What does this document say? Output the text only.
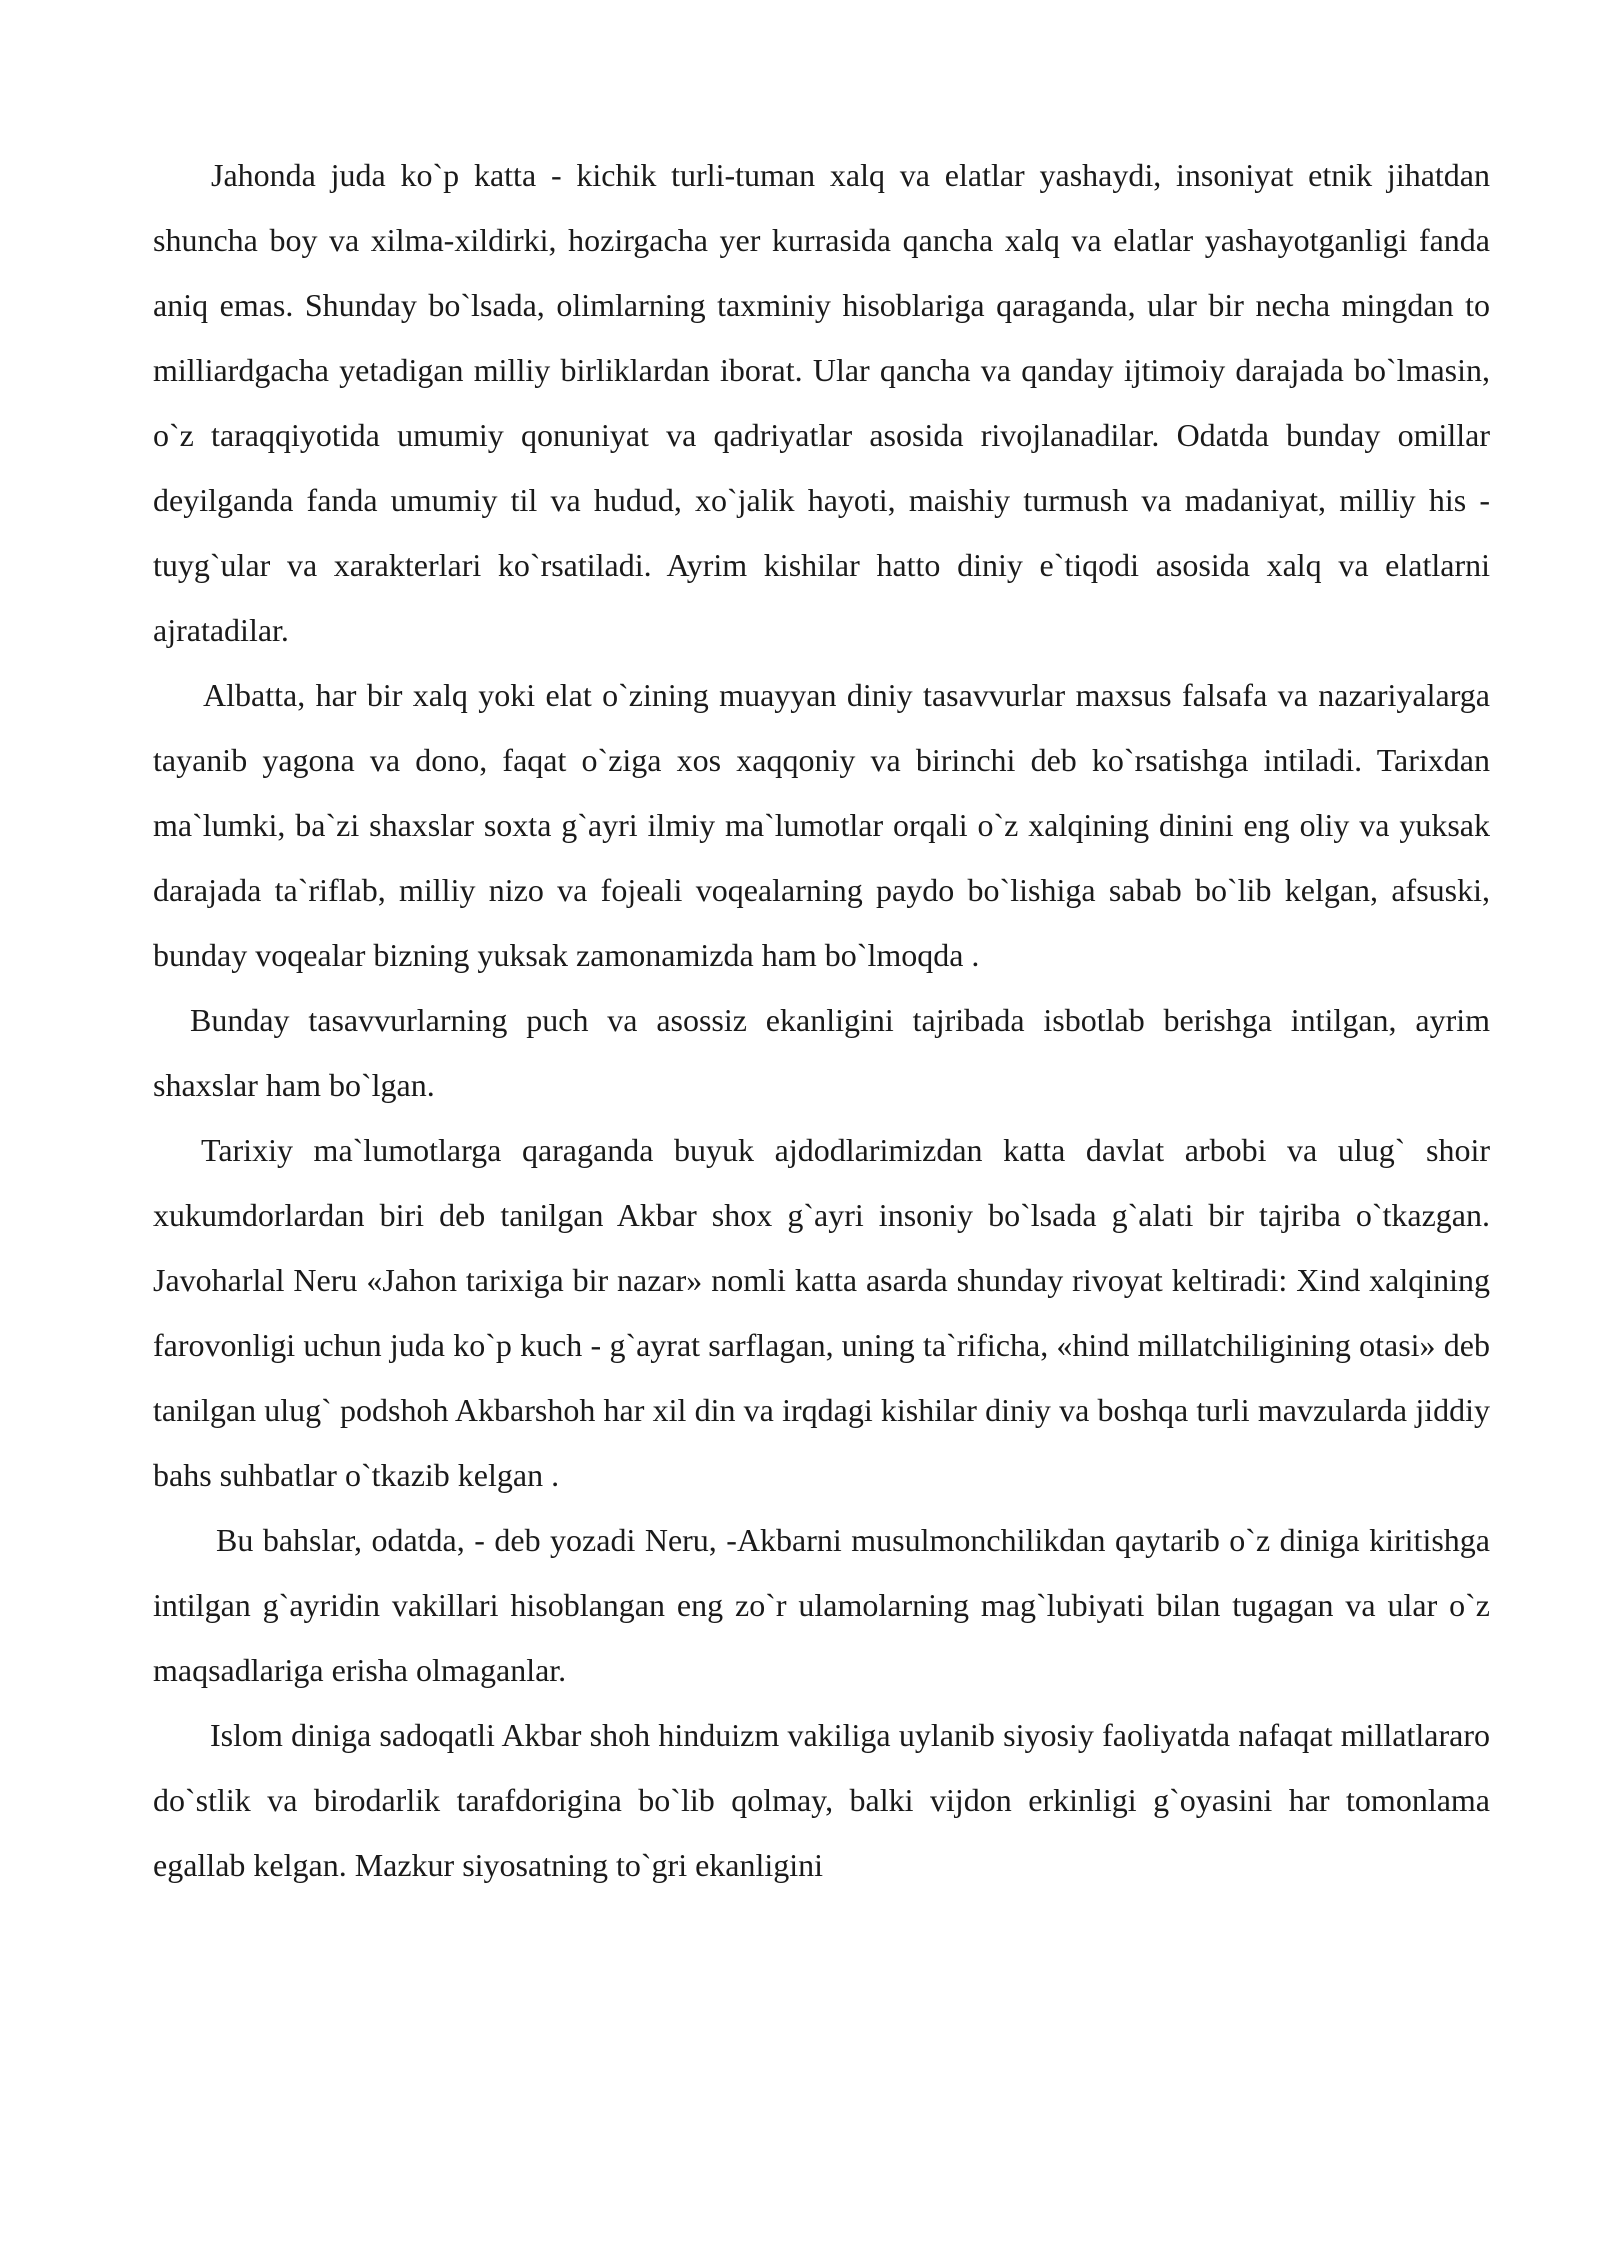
Jahonda juda ko`p katta - kichik turli-tuman xalq va elatlar yashaydi, insoniyat etnik jihatdan shuncha boy va xilma-xildirki, hozirgacha yer kurrasida qancha xalq va elatlar yashayotganligi fanda aniq emas. Shunday bo`lsada, olimlarning taxminiy hisoblariga qaraganda, ular bir necha mingdan to milliardgacha yetadigan milliy birliklardan iborat. Ular qancha va qanday ijtimoiy darajada bo`lmasin, o`z taraqqiyotida umumiy qonuniyat va qadriyatlar asosida rivojlanadilar. Odatda bunday omillar deyilganda fanda umumiy til va hudud, xo`jalik hayoti, maishiy turmush va madaniyat, milliy his - tuyg`ular va xarakterlari ko`rsatiladi. Ayrim kishilar hatto diniy e`tiqodi asosida xalq va elatlarni ajratadilar.

Albatta, har bir xalq yoki elat o`zining muayyan diniy tasavvurlar maxsus falsafa va nazariyalarga tayanib yagona va dono, faqat o`ziga xos xaqqoniy va birinchi deb ko`rsatishga intiladi. Tarixdan ma`lumki, ba`zi shaxslar soxta g`ayri ilmiy ma`lumotlar orqali o`z xalqining dinini eng oliy va yuksak darajada ta`riflab, milliy nizo va fojeali voqealarning paydo bo`lishiga sabab bo`lib kelgan, afsuski, bunday voqealar bizning yuksak zamonamizda ham bo`lmoqda .

Bunday tasavvurlarning puch va asossiz ekanligini tajribada isbotlab berishga intilgan, ayrim shaxslar ham bo`lgan.

Tarixiy ma`lumotlarga qaraganda buyuk ajdodlarimizdan katta davlat arbobi va ulug` shoir xukumdorlardan biri deb tanilgan Akbar shox g`ayri insoniy bo`lsada g`alati bir tajriba o`tkazgan. Javoharlal Neru «Jahon tarixiga bir nazar» nomli katta asarda shunday rivoyat keltiradi: Xind xalqining farovonligi uchun juda ko`p kuch - g`ayrat sarflagan, uning ta`rificha, «hind millatchiligining otasi» deb tanilgan ulug` podshoh Akbarshoh har xil din va irqdagi kishilar diniy va boshqa turli mavzularda jiddiy bahs suhbatlar o`tkazib kelgan .

Bu bahslar, odatda, - deb yozadi Neru, -Akbarni musulmonchilikdan qaytarib o`z diniga kiritishga intilgan g`ayridin vakillari hisoblangan eng zo`r ulamolarning mag`lubiyati bilan tugagan va ular o`z maqsadlariga erisha olmaganlar.

Islom diniga sadoqatli Akbar shoh hinduizm vakiliga uylanib siyosiy faoliyatda nafaqat millatlararo do`stlik va birodarlik tarafdorigina bo`lib qolmay, balki vijdon erkinligi g`oyasini har tomonlama egallab kelgan. Mazkur siyosatning to`gri ekanligini
